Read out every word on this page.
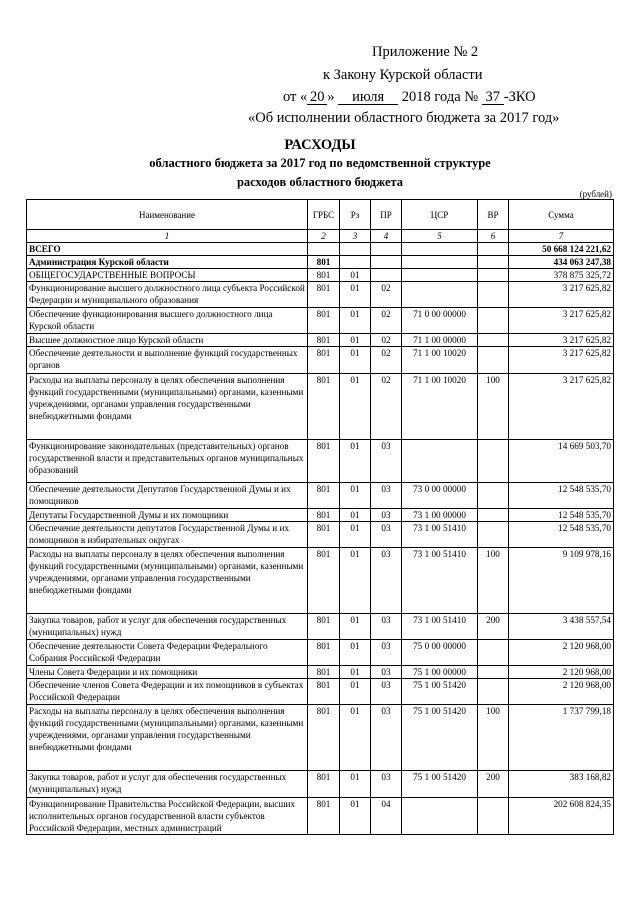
Приложение № 2
к Закону Курской области
от « 20 » июля 2018 года № 37 -ЗКО
«Об исполнении областного бюджета за 2017 год»
РАСХОДЫ
областного бюджета за 2017 год по ведомственной структуре
расходов областного бюджета
(рублей)
Наименование	ГРБС	Рз	ПР	ЦСР	ВР	Сумма
1	2	3	4	5	6	7
ВСЕГО						50 668 124 221,62
Администрация Курской области	801					434 063 247,38
ОБЩЕГОСУДАРСТВЕННЫЕ ВОПРОСЫ	801	01				378 875 325,72
Функционирование высшего должностного лица субъекта Российской Федерации и муниципального образования	801	01	02			3 217 625,82
Обеспечение функционирования высшего должностного лица Курской области	801	01	02	71 0 00 00000		3 217 625,82
Высшее должностное лицо Курской области	801	01	02	71 1 00 00000		3 217 625,82
Обеспечение деятельности и выполнение функций государственных органов	801	01	02	71 1 00 10020		3 217 625,82
Расходы на выплаты персоналу в целях обеспечения выполнения функций государственными (муниципальными) органами, казенными учреждениями, органами управления государственными внебюджетными фондами	801	01	02	71 1 00 10020	100	3 217 625,82
Функционирование законодательных (представительных) органов государственной власти и представительных органов муниципальных образований	801	01	03			14 669 503,70
Обеспечение деятельности Депутатов Государственной Думы и их помощников	801	01	03	73 0 00 00000		12 548 535,70
Депутаты Государственной Думы и их помощники	801	01	03	73 1 00 00000		12 548 535,70
Обеспечение деятельности депутатов Государственной Думы и их помощников в избирательных округах	801	01	03	73 1 00 51410		12 548 535,70
Расходы на выплаты персоналу в целях обеспечения выполнения функций государственными (муниципальными) органами, казенными учреждениями, органами управления государственными внебюджетными фондами	801	01	03	73 1 00 51410	100	9 109 978,16
Закупка товаров, работ и услуг для обеспечения государственных (муниципальных) нужд	801	01	03	73 1 00 51410	200	3 438 557,54
Обеспечение деятельности Совета Федерации Федерального Собрания Российской Федерации	801	01	03	75 0 00 00000		2 120 968,00
Члены Совета Федерации и их помощники	801	01	03	75 1 00 00000		2 120 968,00
Обеспечение членов Совета Федерации и их помощников в субъектах Российской Федерации	801	01	03	75 1 00 51420		2 120 968,00
Расходы на выплаты персоналу в целях обеспечения выполнения функций государственными (муниципальными) органами, казенными учреждениями, органами управления государственными внебюджетными фондами	801	01	03	75 1 00 51420	100	1 737 799,18
Закупка товаров, работ и услуг для обеспечения государственных (муниципальных) нужд	801	01	03	75 1 00 51420	200	383 168,82
Функционирование Правительства Российской Федерации, высших исполнительных органов государственной власти субъектов Российской Федерации, местных администраций	801	01	04			202 608 824,35
